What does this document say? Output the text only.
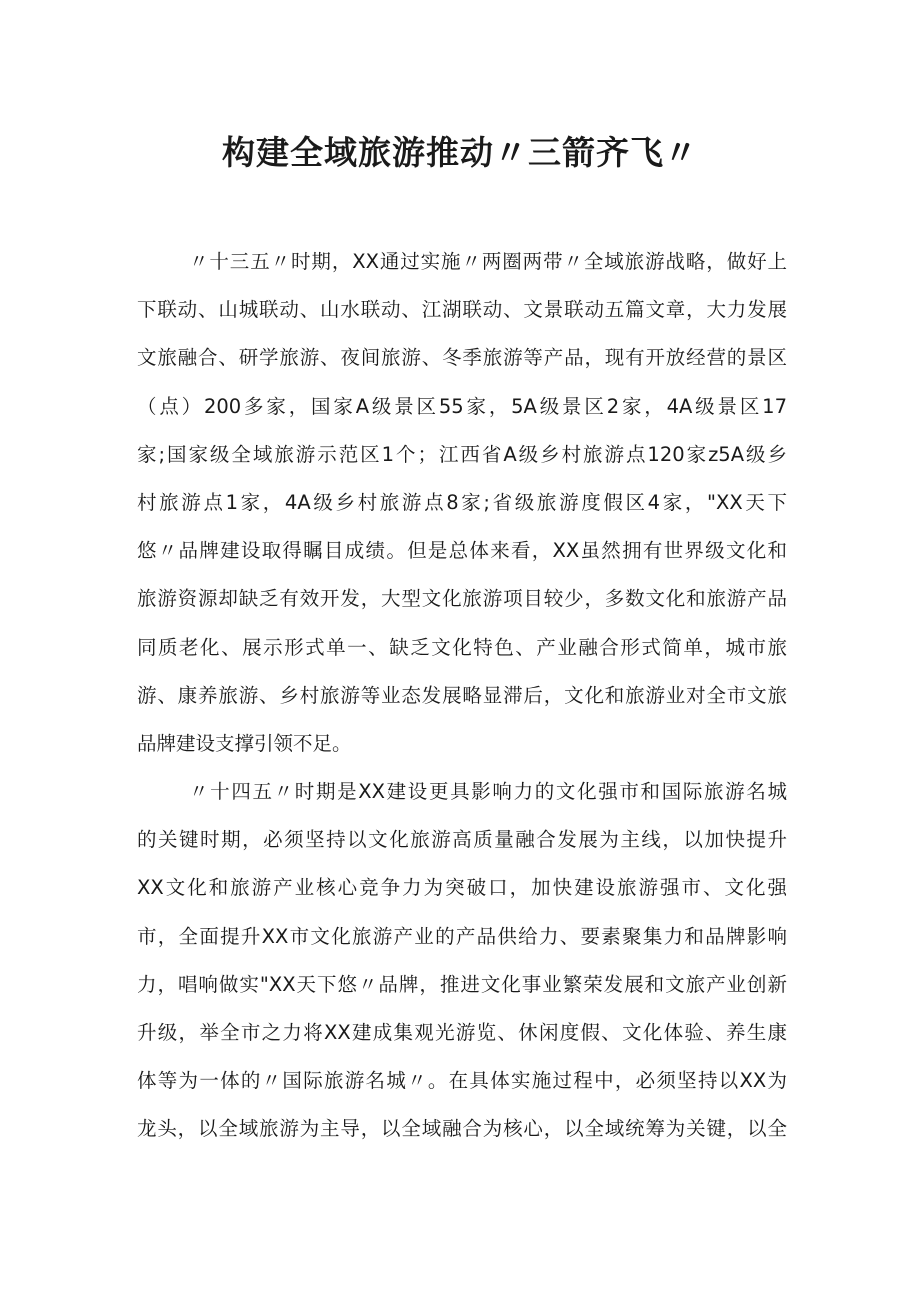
构建全域旅游推动〃三箭齐飞〃
〃十三五〃时期，XX通过实施〃两圈两带〃全域旅游战略，做好上
下联动、山城联动、山水联动、江湖联动、文景联动五篇文章，大力发展
文旅融合、研学旅游、夜间旅游、冬季旅游等产品，现有开放经营的景区
（点）200多家，国家A级景区55家，5A级景区2家，4A级景区17
家;国家级全域旅游示范区1个；江西省A级乡村旅游点120家z5A级乡
村旅游点1家，4A级乡村旅游点8家;省级旅游度假区4家，"XX天下
悠〃品牌建设取得瞩目成绩。但是总体来看，XX虽然拥有世界级文化和
旅游资源却缺乏有效开发，大型文化旅游项目较少，多数文化和旅游产品
同质老化、展示形式单一、缺乏文化特色、产业融合形式简单，城市旅
游、康养旅游、乡村旅游等业态发展略显滞后，文化和旅游业对全市文旅
品牌建设支撑引领不足。
〃十四五〃时期是XX建设更具影响力的文化强市和国际旅游名城
的关键时期，必须坚持以文化旅游高质量融合发展为主线，以加快提升
XX文化和旅游产业核心竞争力为突破口，加快建设旅游强市、文化强
市，全面提升XX市文化旅游产业的产品供给力、要素聚集力和品牌影响
力，唱响做实"XX天下悠〃品牌，推进文化事业繁荣发展和文旅产业创新
升级，举全市之力将XX建成集观光游览、休闲度假、文化体验、养生康
体等为一体的〃国际旅游名城〃。在具体实施过程中，必须坚持以XX为
龙头，以全域旅游为主导，以全域融合为核心，以全域统筹为关键，以全
